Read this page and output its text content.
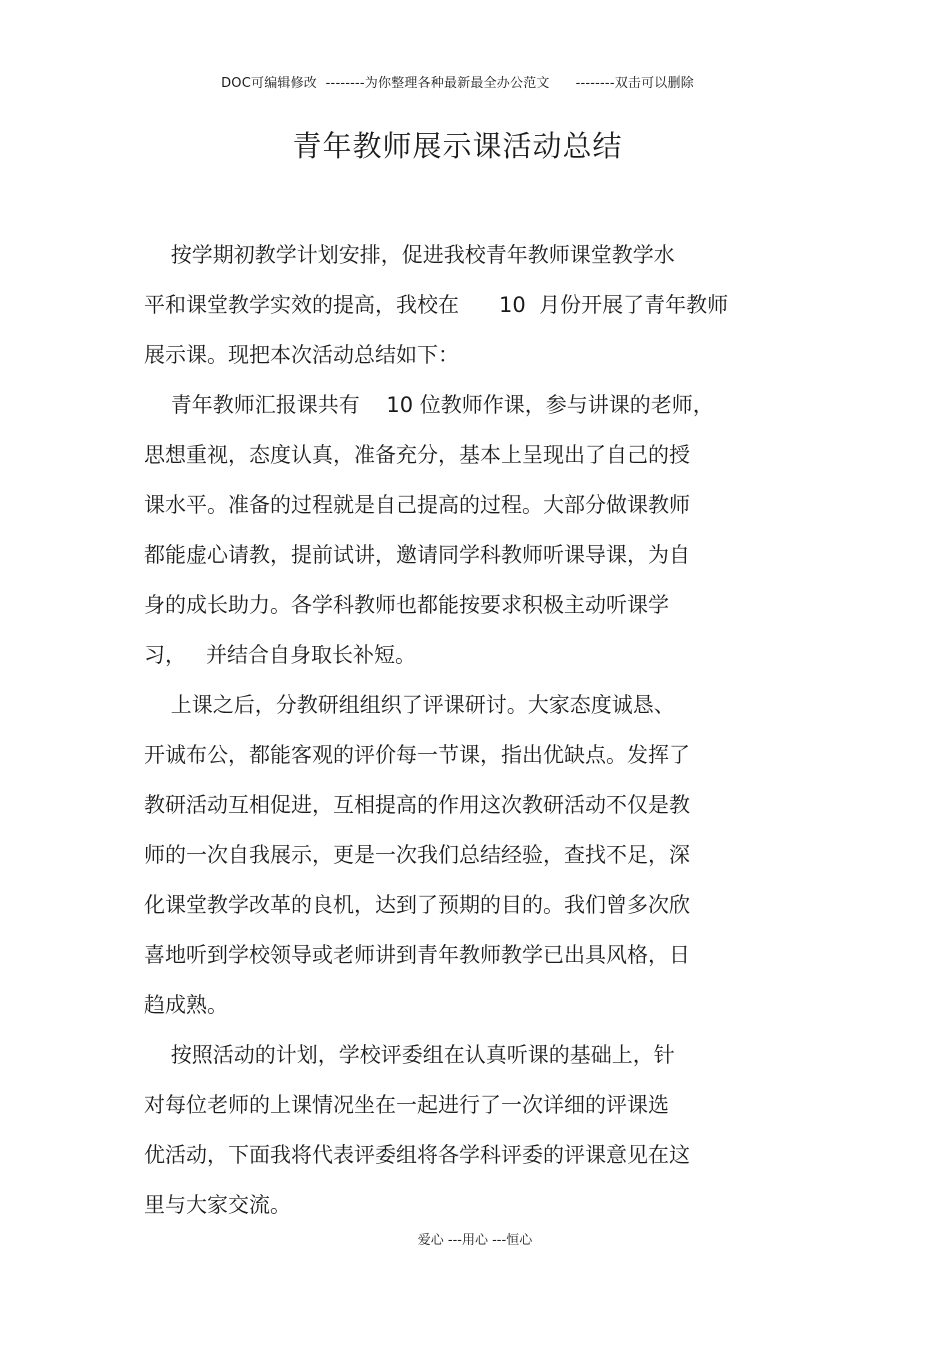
DOC可编辑修改  --------为你整理各种最新最全办公范文      --------双击可以删除
青年教师展示课活动总结
按学期初教学计划安排，促进我校青年教师课堂教学水
平和课堂教学实效的提高，我校在      10  月份开展了青年教师
展示课。现把本次活动总结如下：
青年教师汇报课共有    10 位教师作课，参与讲课的老师，
思想重视，态度认真，准备充分，基本上呈现出了自己的授
课水平。准备的过程就是自己提高的过程。大部分做课教师
都能虚心请教，提前试讲，邀请同学科教师听课导课，为自
身的成长助力。各学科教师也都能按要求积极主动听课学
习，   并结合自身取长补短。
上课之后，分教研组组织了评课研讨。大家态度诚恳、
开诚布公，都能客观的评价每一节课，指出优缺点。发挥了
教研活动互相促进，互相提高的作用这次教研活动不仅是教
师的一次自我展示，更是一次我们总结经验，查找不足，深
化课堂教学改革的良机，达到了预期的目的。我们曾多次欣
喜地听到学校领导或老师讲到青年教师教学已出具风格，日
趋成熟。
按照活动的计划，学校评委组在认真听课的基础上，针
对每位老师的上课情况坐在一起进行了一次详细的评课选
优活动，下面我将代表评委组将各学科评委的评课意见在这
里与大家交流。
爱心 ---用心 ---恒心
